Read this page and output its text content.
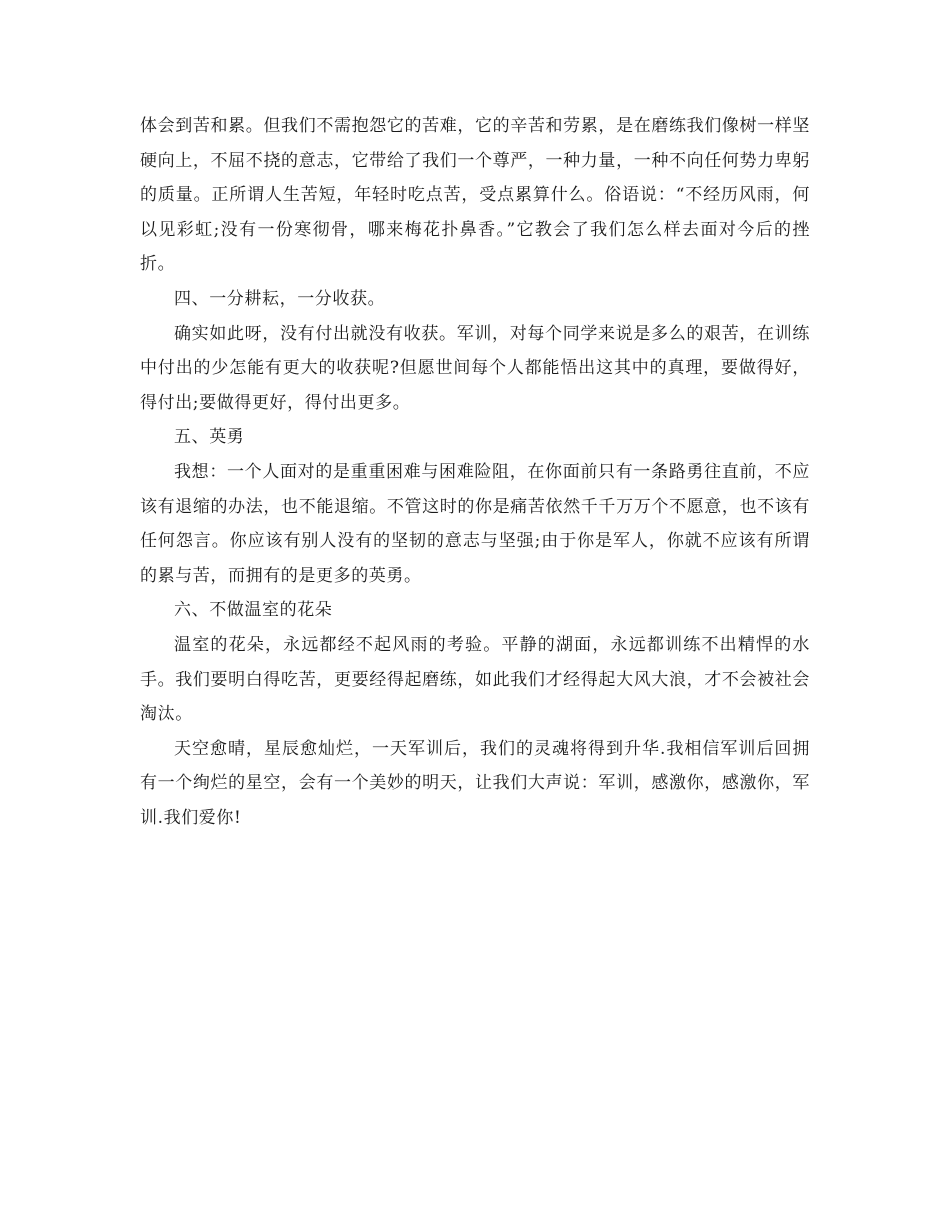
体会到苦和累。但我们不需抱怨它的苦难，它的辛苦和劳累，是在磨练我们像树一样坚硬向上，不屈不挠的意志，它带给了我们一个尊严，一种力量，一种不向任何势力卑躬的质量。正所谓人生苦短，年轻时吃点苦，受点累算什么。俗语说：“不经历风雨，何以见彩虹;没有一份寒彻骨，哪来梅花扑鼻香。”它教会了我们怎么样去面对今后的挫折。

四、一分耕耘，一分收获。

确实如此呀，没有付出就没有收获。军训，对每个同学来说是多么的艰苦，在训练中付出的少怎能有更大的收获呢?但愿世间每个人都能悟出这其中的真理，要做得好，得付出;要做得更好，得付出更多。

五、英勇

我想：一个人面对的是重重困难与困难险阻，在你面前只有一条路勇往直前，不应该有退缩的办法，也不能退缩。不管这时的你是痛苦依然千千万万个不愿意，也不该有任何怨言。你应该有别人没有的坚韧的意志与坚强;由于你是军人，你就不应该有所谓的累与苦，而拥有的是更多的英勇。

六、不做温室的花朵

温室的花朵，永远都经不起风雨的考验。平静的湖面，永远都训练不出精悍的水手。我们要明白得吃苦，更要经得起磨练，如此我们才经得起大风大浪，才不会被社会淘汰。

天空愈晴，星辰愈灿烂，一天军训后，我们的灵魂将得到升华.我相信军训后回拥有一个绚烂的星空，会有一个美妙的明天，让我们大声说：军训，感激你，感激你，军训.我们爱你!
